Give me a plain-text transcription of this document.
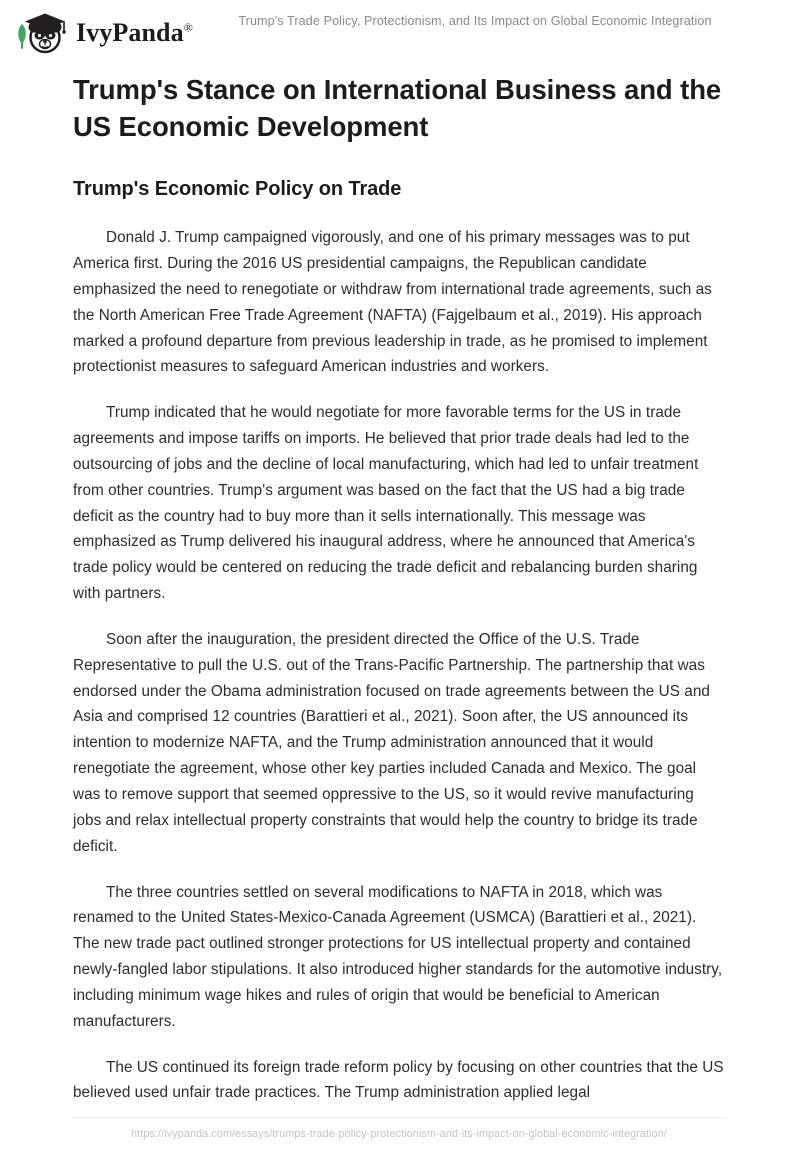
IvyPanda®	Trump's Trade Policy, Protectionism, and Its Impact on Global Economic Integration
Trump's Stance on International Business and the US Economic Development
Trump's Economic Policy on Trade

Donald J. Trump campaigned vigorously, and one of his primary messages was to put America first. During the 2016 US presidential campaigns, the Republican candidate emphasized the need to renegotiate or withdraw from international trade agreements, such as the North American Free Trade Agreement (NAFTA) (Fajgelbaum et al., 2019). His approach marked a profound departure from previous leadership in trade, as he promised to implement protectionist measures to safeguard American industries and workers.

Trump indicated that he would negotiate for more favorable terms for the US in trade agreements and impose tariffs on imports. He believed that prior trade deals had led to the outsourcing of jobs and the decline of local manufacturing, which had led to unfair treatment from other countries. Trump's argument was based on the fact that the US had a big trade deficit as the country had to buy more than it sells internationally. This message was emphasized as Trump delivered his inaugural address, where he announced that America's trade policy would be centered on reducing the trade deficit and rebalancing burden sharing with partners.

Soon after the inauguration, the president directed the Office of the U.S. Trade Representative to pull the U.S. out of the Trans-Pacific Partnership. The partnership that was endorsed under the Obama administration focused on trade agreements between the US and Asia and comprised 12 countries (Barattieri et al., 2021). Soon after, the US announced its intention to modernize NAFTA, and the Trump administration announced that it would renegotiate the agreement, whose other key parties included Canada and Mexico. The goal was to remove support that seemed oppressive to the US, so it would revive manufacturing jobs and relax intellectual property constraints that would help the country to bridge its trade deficit.

The three countries settled on several modifications to NAFTA in 2018, which was renamed to the United States-Mexico-Canada Agreement (USMCA) (Barattieri et al., 2021). The new trade pact outlined stronger protections for US intellectual property and contained newly-fangled labor stipulations. It also introduced higher standards for the automotive industry, including minimum wage hikes and rules of origin that would be beneficial to American manufacturers.

The US continued its foreign trade reform policy by focusing on other countries that the US believed used unfair trade practices. The Trump administration applied legal

https://ivypanda.com/essays/trumps-trade-policy-protectionism-and-its-impact-on-global-economic-integration/
